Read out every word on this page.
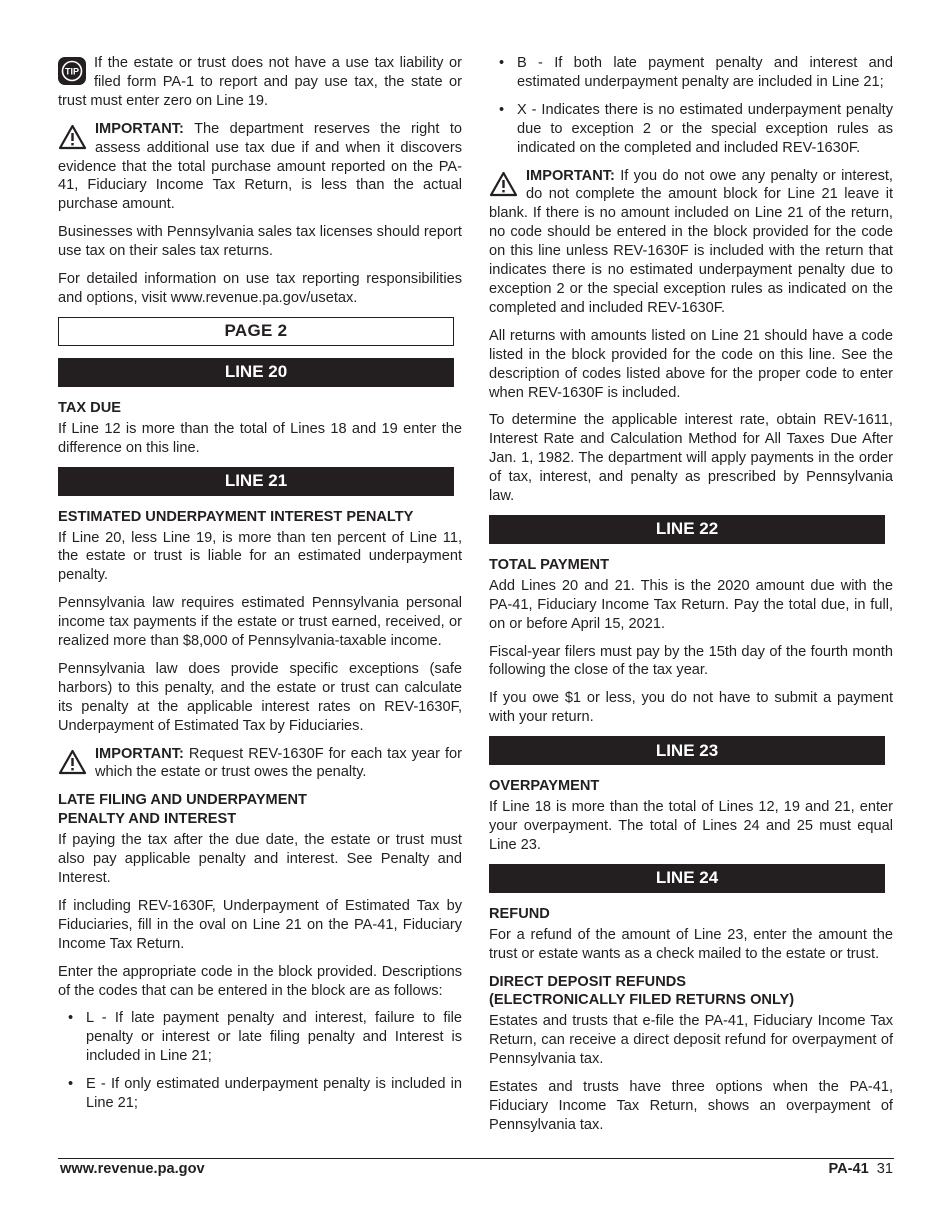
TIP

If the estate or trust does not have a use tax liability or filed form PA-1 to report and pay use tax, the state or trust must enter zero on Line 19.

IMPORTANT: The department reserves the right to assess additional use tax due if and when it discovers evidence that the total purchase amount reported on the PA-41, Fiduciary Income Tax Return, is less than the actual purchase amount.

Businesses with Pennsylvania sales tax licenses should report use tax on their sales tax returns.

For detailed information on use tax reporting responsibilities and options, visit www.revenue.pa.gov/usetax.

PAGE 2
LINE 20
TAX DUE

If Line 12 is more than the total of Lines 18 and 19 enter the difference on this line.

LINE 21
ESTIMATED UNDERPAYMENT INTEREST PENALTY

If Line 20, less Line 19, is more than ten percent of Line 11, the estate or trust is liable for an estimated underpayment penalty.

Pennsylvania law requires estimated Pennsylvania personal income tax payments if the estate or trust earned, received, or realized more than $8,000 of Pennsylvania-taxable income.

Pennsylvania law does provide specific exceptions (safe harbors) to this penalty, and the estate or trust can calculate its penalty at the applicable interest rates on REV-1630F, Underpayment of Estimated Tax by Fiduciaries.

IMPORTANT: Request REV-1630F for each tax year for which the estate or trust owes the penalty.

LATE FILING AND UNDERPAYMENT
PENALTY AND INTEREST

If paying the tax after the due date, the estate or trust must also pay applicable penalty and interest. See Penalty and Interest.

If including REV-1630F, Underpayment of Estimated Tax by Fiduciaries, fill in the oval on Line 21 on the PA-41, Fiduciary Income Tax Return.

Enter the appropriate code in the block provided. Descriptions of the codes that can be entered in the block are as follows:

• L - If late payment penalty and interest, failure to file penalty or interest or late filing penalty and Interest is included in Line 21;
• E - If only estimated underpayment penalty is included in Line 21;
• B - If both late payment penalty and interest and estimated underpayment penalty are included in Line 21;
• X - Indicates there is no estimated underpayment penalty due to exception 2 or the special exception rules as indicated on the completed and included REV-1630F.

IMPORTANT: If you do not owe any penalty or interest, do not complete the amount block for Line 21 leave it blank. If there is no amount included on Line 21 of the return, no code should be entered in the block provided for the code on this line unless REV-1630F is included with the return that indicates there is no estimated underpayment penalty due to exception 2 or the special exception rules as indicated on the completed and included REV-1630F.

All returns with amounts listed on Line 21 should have a code listed in the block provided for the code on this line. See the description of codes listed above for the proper code to enter when REV-1630F is included.

To determine the applicable interest rate, obtain REV-1611, Interest Rate and Calculation Method for All Taxes Due After Jan. 1, 1982. The department will apply payments in the order of tax, interest, and penalty as prescribed by Pennsylvania law.

LINE 22
TOTAL PAYMENT

Add Lines 20 and 21. This is the 2020 amount due with the PA-41, Fiduciary Income Tax Return. Pay the total due, in full, on or before April 15, 2021.

Fiscal-year filers must pay by the 15th day of the fourth month following the close of the tax year.

If you owe $1 or less, you do not have to submit a payment with your return.

LINE 23
OVERPAYMENT

If Line 18 is more than the total of Lines 12, 19 and 21, enter your overpayment. The total of Lines 24 and 25 must equal Line 23.

LINE 24
REFUND

For a refund of the amount of Line 23, enter the amount the trust or estate wants as a check mailed to the estate or trust.

DIRECT DEPOSIT REFUNDS
(ELECTRONICALLY FILED RETURNS ONLY)

Estates and trusts that e-file the PA-41, Fiduciary Income Tax Return, can receive a direct deposit refund for overpayment of Pennsylvania tax.

Estates and trusts have three options when the PA-41, Fiduciary Income Tax Return, shows an overpayment of Pennsylvania tax.

www.revenue.pa.gov	PA-41 31
